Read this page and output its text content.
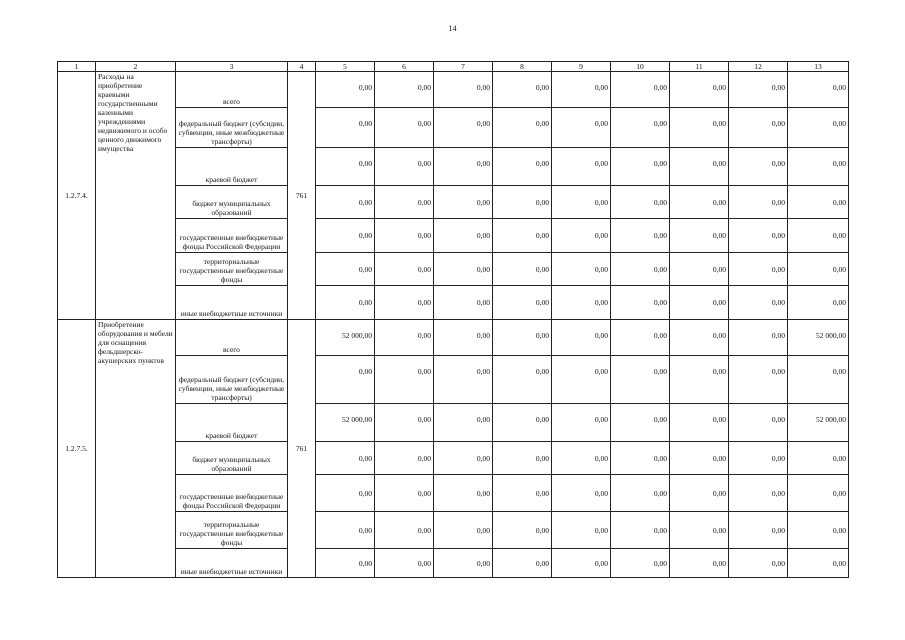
14
1	2	3	4	5	6	7	8	9	10	11	12	13
1.2.7.4.	Расходы на приобретение краевыми государственными казенными учреждениями недвижимого и особо ценного движимого имущества	всего	761	0,00	0,00	0,00	0,00	0,00	0,00	0,00	0,00	0,00
		федеральный бюджет (субсидии, субвенции, иные межбюджетные трансферты)		0,00	0,00	0,00	0,00	0,00	0,00	0,00	0,00	0,00
		краевой бюджет		0,00	0,00	0,00	0,00	0,00	0,00	0,00	0,00	0,00
		бюджет муниципальных образований		0,00	0,00	0,00	0,00	0,00	0,00	0,00	0,00	0,00
		государственные внебюджетные фонды Российской Федерации		0,00	0,00	0,00	0,00	0,00	0,00	0,00	0,00	0,00
		территориальные государственные внебюджетные фонды		0,00	0,00	0,00	0,00	0,00	0,00	0,00	0,00	0,00
		иные внебюджетные источники		0,00	0,00	0,00	0,00	0,00	0,00	0,00	0,00	0,00
1.2.7.5.	Приобретение оборудования и мебели для оснащения фельдшерско-акушерских пунктов	всего	761	52 000,00	0,00	0,00	0,00	0,00	0,00	0,00	0,00	52 000,00
		федеральный бюджет (субсидии, субвенции, иные межбюджетные трансферты)		0,00	0,00	0,00	0,00	0,00	0,00	0,00	0,00	0,00
		краевой бюджет		52 000,00	0,00	0,00	0,00	0,00	0,00	0,00	0,00	52 000,00
		бюджет муниципальных образований		0,00	0,00	0,00	0,00	0,00	0,00	0,00	0,00	0,00
		государственные внебюджетные фонды Российской Федерации		0,00	0,00	0,00	0,00	0,00	0,00	0,00	0,00	0,00
		территориальные государственные внебюджетные фонды		0,00	0,00	0,00	0,00	0,00	0,00	0,00	0,00	0,00
		иные внебюджетные источники		0,00	0,00	0,00	0,00	0,00	0,00	0,00	0,00	0,00
